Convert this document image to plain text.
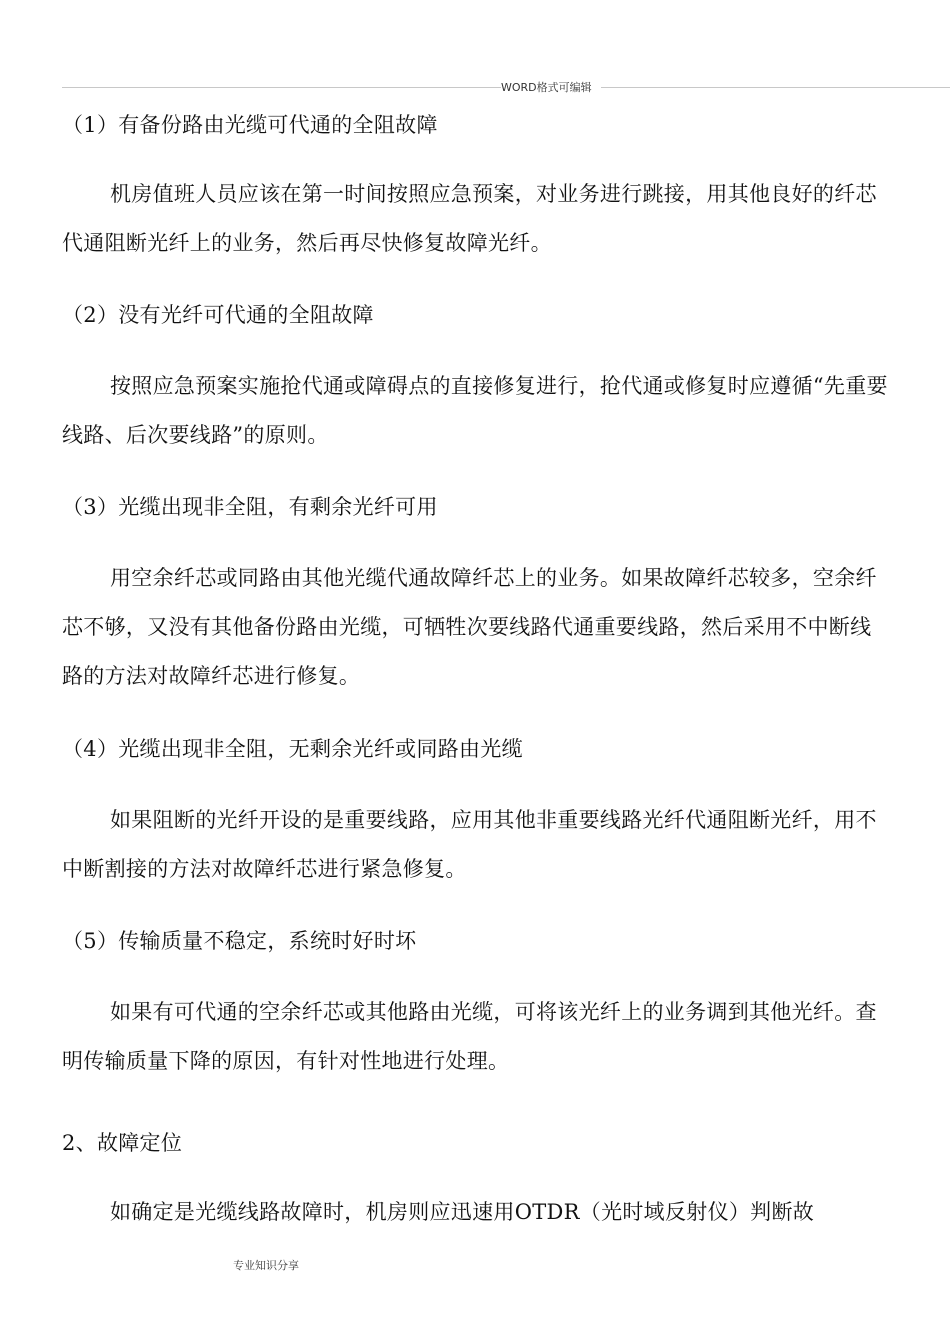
WORD格式可编辑

（1）有备份路由光缆可代通的全阻故障

机房值班人员应该在第一时间按照应急预案，对业务进行跳接，用其他良好的纤芯代通阻断光纤上的业务，然后再尽快修复故障光纤。

（2）没有光纤可代通的全阻故障

按照应急预案实施抢代通或障碍点的直接修复进行，抢代通或修复时应遵循“先重要线路、后次要线路”的原则。

（3）光缆出现非全阻，有剩余光纤可用

用空余纤芯或同路由其他光缆代通故障纤芯上的业务。如果故障纤芯较多，空余纤芯不够，又没有其他备份路由光缆，可牺牲次要线路代通重要线路，然后采用不中断线路的方法对故障纤芯进行修复。

（4）光缆出现非全阻，无剩余光纤或同路由光缆

如果阻断的光纤开设的是重要线路，应用其他非重要线路光纤代通阻断光纤，用不中断割接的方法对故障纤芯进行紧急修复。

（5）传输质量不稳定，系统时好时坏

如果有可代通的空余纤芯或其他路由光缆，可将该光纤上的业务调到其他光纤。查明传输质量下降的原因，有针对性地进行处理。

2、故障定位

如确定是光缆线路故障时，机房则应迅速用OTDR（光时域反射仪）判断故

专业知识分享
